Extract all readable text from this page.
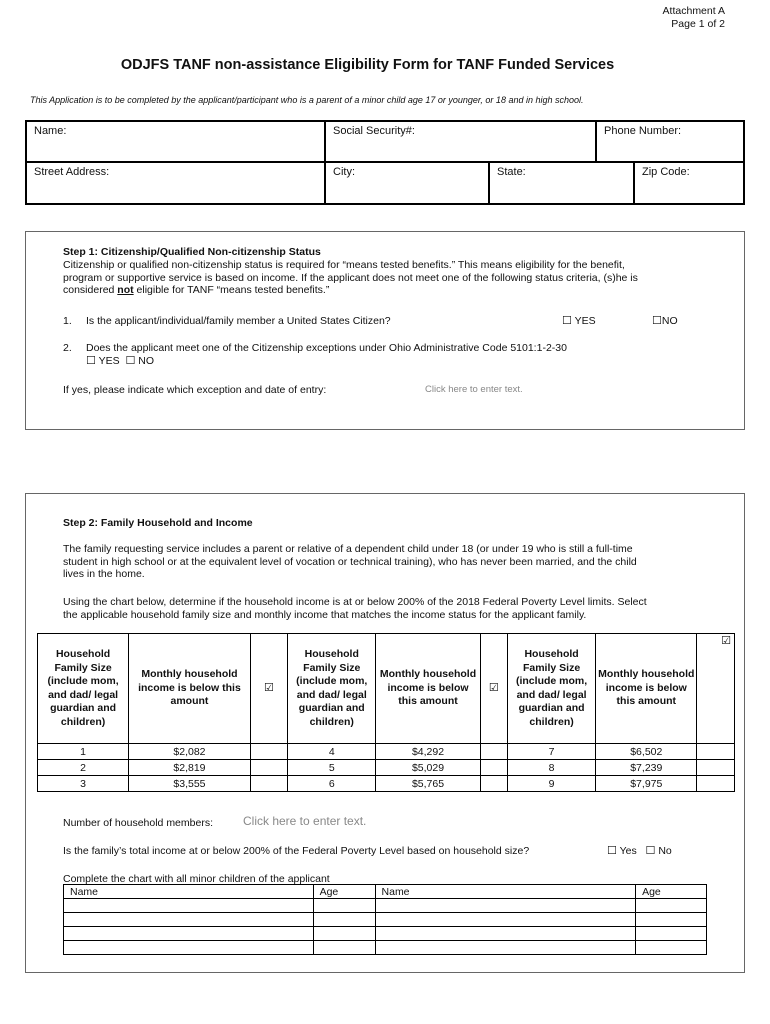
Attachment A
Page 1 of 2
ODJFS TANF non-assistance Eligibility Form for TANF Funded Services
This Application is to be completed by the applicant/participant who is a parent of a minor child age 17 or younger, or 18 and in high school.
Name:	Social Security#:	Phone Number:
Street Address:	City:	State:	Zip Code:
Step 1: Citizenship/Qualified Non-citizenship Status
Citizenship or qualified non-citizenship status is required for “means tested benefits.” This means eligibility for the benefit,
program or supportive service is based on income. If the applicant does not meet one of the following status criteria, (s)he is
considered not eligible for TANF “means tested benefits.”
1. Is the applicant/individual/family member a United States Citizen?	☐ YES	☐NO
2. Does the applicant meet one of the Citizenship exceptions under Ohio Administrative Code 5101:1-2-30
☐ YES ☐ NO
If yes, please indicate which exception and date of entry:	Click here to enter text.
Step 2: Family Household and Income
The family requesting service includes a parent or relative of a dependent child under 18 (or under 19 who is still a full-time
student in high school or at the equivalent level of vocation or technical training), who has never been married, and the child
lives in the home.
Using the chart below, determine if the household income is at or below 200% of the 2018 Federal Poverty Level limits. Select
the applicable household family size and monthly income that matches the income status for the applicant family.
Household Family Size (include mom, and dad/ legal guardian and children)	Monthly household income is below this amount	☑	Household Family Size (include mom, and dad/ legal guardian and children)	Monthly household income is below this amount	☑	Household Family Size (include mom, and dad/ legal guardian and children)	Monthly household income is below this amount	☑
1	$2,082		4	$4,292		7	$6,502	
2	$2,819		5	$5,029		8	$7,239	
3	$3,555		6	$5,765		9	$7,975	
Number of household members:	Click here to enter text.
Is the family’s total income at or below 200% of the Federal Poverty Level based on household size?	☐ Yes ☐ No
Complete the chart with all minor children of the applicant
Name	Age	Name	Age
